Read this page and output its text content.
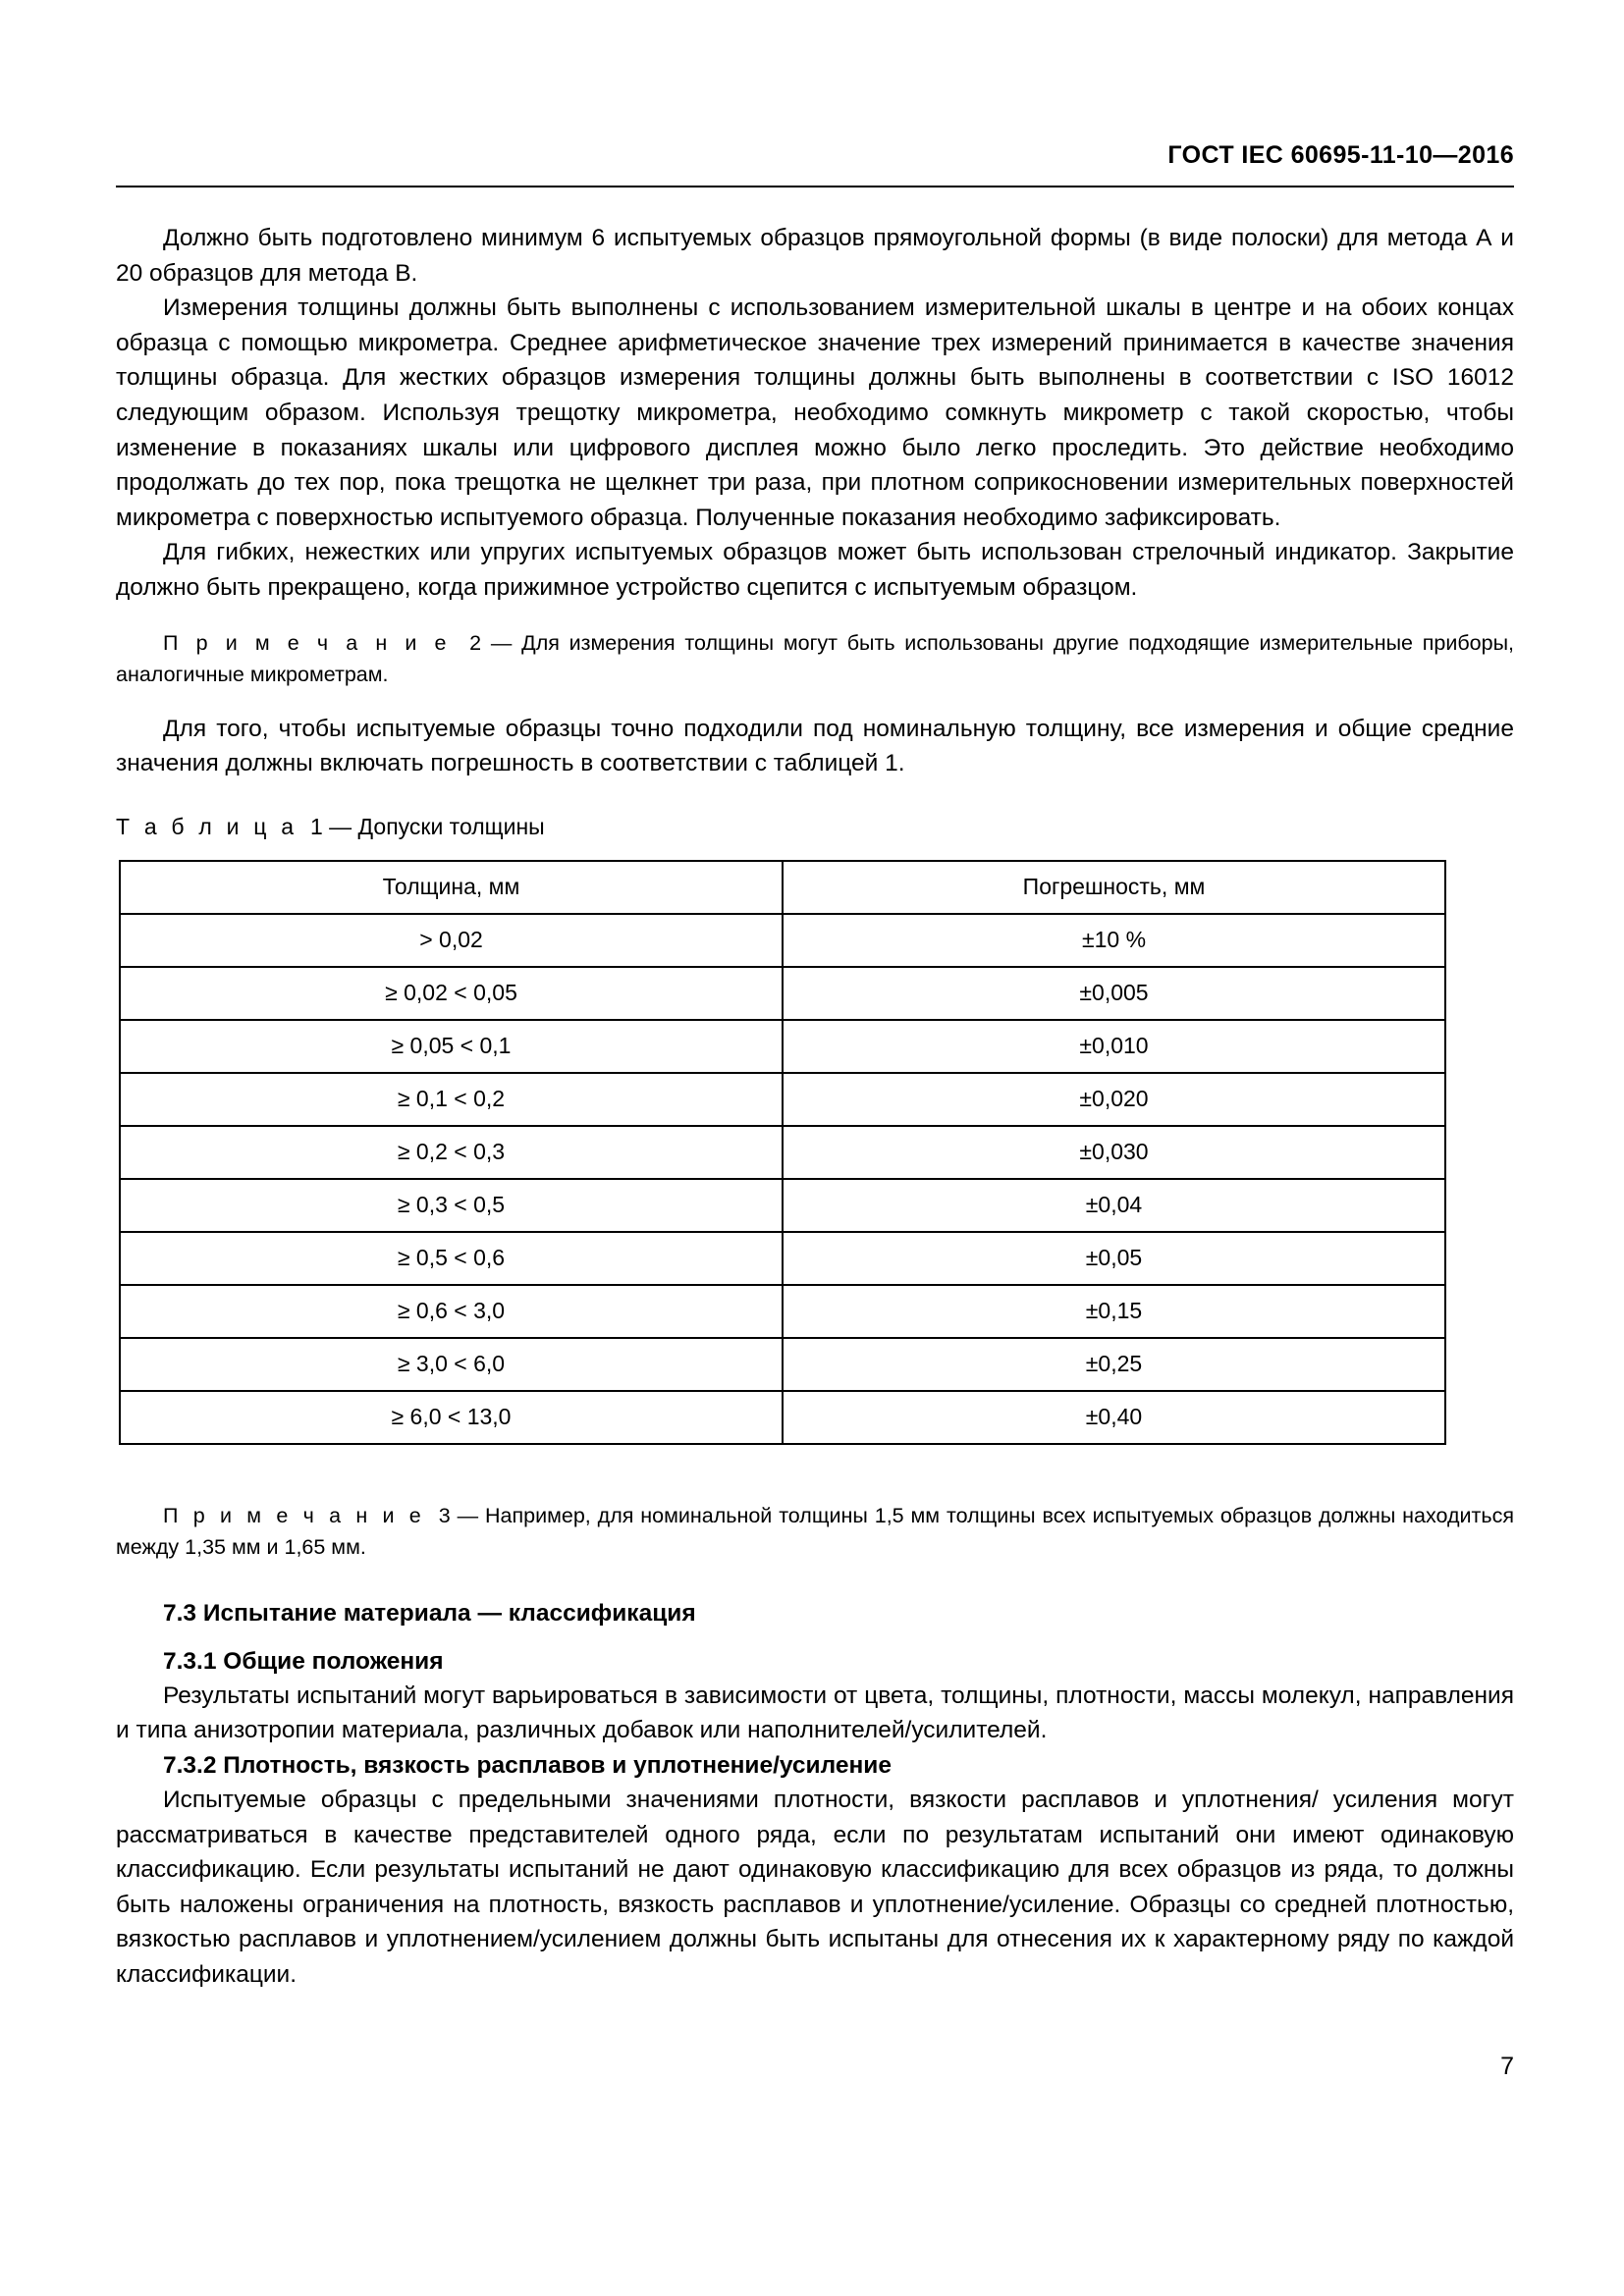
ГОСТ IEC 60695-11-10—2016

Должно быть подготовлено минимум 6 испытуемых образцов прямоугольной формы (в виде полоски) для метода А и 20 образцов для метода В.

Измерения толщины должны быть выполнены с использованием измерительной шкалы в центре и на обоих концах образца с помощью микрометра. Среднее арифметическое значение трех измерений принимается в качестве значения толщины образца. Для жестких образцов измерения толщины должны быть выполнены в соответствии с ISO 16012 следующим образом. Используя трещотку микрометра, необходимо сомкнуть микрометр с такой скоростью, чтобы изменение в показаниях шкалы или цифрового дисплея можно было легко проследить. Это действие необходимо продолжать до тех пор, пока трещотка не щелкнет три раза, при плотном соприкосновении измерительных поверхностей микрометра с поверхностью испытуемого образца. Полученные показания необходимо зафиксировать.

Для гибких, нежестких или упругих испытуемых образцов может быть использован стрелочный индикатор. Закрытие должно быть прекращено, когда прижимное устройство сцепится с испытуемым образцом.

П р и м е ч а н и е 2 — Для измерения толщины могут быть использованы другие подходящие измерительные приборы, аналогичные микрометрам.

Для того, чтобы испытуемые образцы точно подходили под номинальную толщину, все измерения и общие средние значения должны включать погрешность в соответствии с таблицей 1.

Т а б л и ц а 1 — Допуски толщины

Толщина, мм	Погрешность, мм
> 0,02	±10 %
≥ 0,02 < 0,05	±0,005
≥ 0,05 < 0,1	±0,010
≥ 0,1 < 0,2	±0,020
≥ 0,2 < 0,3	±0,030
≥ 0,3 < 0,5	±0,04
≥ 0,5 < 0,6	±0,05
≥ 0,6 < 3,0	±0,15
≥ 3,0 < 6,0	±0,25
≥ 6,0 < 13,0	±0,40

П р и м е ч а н и е 3 — Например, для номинальной толщины 1,5 мм толщины всех испытуемых образцов должны находиться между 1,35 мм и 1,65 мм.

7.3 Испытание материала — классификация
7.3.1 Общие положения

Результаты испытаний могут варьироваться в зависимости от цвета, толщины, плотности, массы молекул, направления и типа анизотропии материала, различных добавок или наполнителей/усилителей.

7.3.2 Плотность, вязкость расплавов и уплотнение/усиление

Испытуемые образцы с предельными значениями плотности, вязкости расплавов и уплотнения/ усиления могут рассматриваться в качестве представителей одного ряда, если по результатам испытаний они имеют одинаковую классификацию. Если результаты испытаний не дают одинаковую классификацию для всех образцов из ряда, то должны быть наложены ограничения на плотность, вязкость расплавов и уплотнение/усиление. Образцы со средней плотностью, вязкостью расплавов и уплотнением/усилением должны быть испытаны для отнесения их к характерному ряду по каждой классификации.

7
